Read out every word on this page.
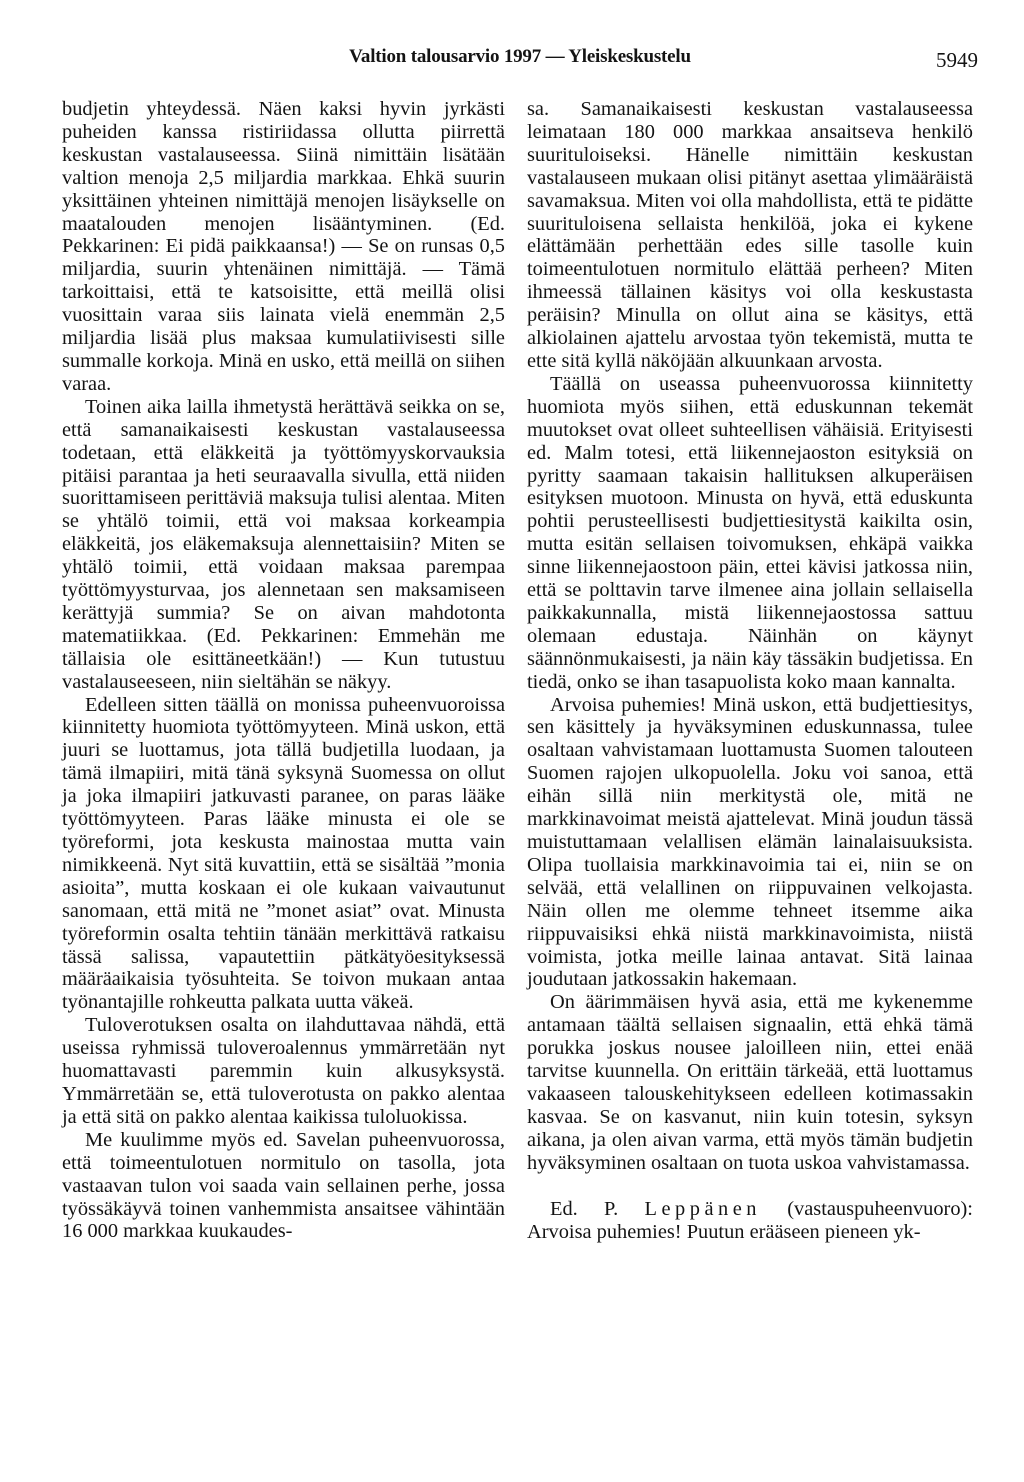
Valtion talousarvio 1997 — Yleiskeskustelu	5949

budjetin yhteydessä. Näen kaksi hyvin jyrkästi puheiden kanssa ristiriidassa ollutta piirrettä keskustan vastalauseessa. Siinä nimittäin lisätään valtion menoja 2,5 miljardia markkaa. Ehkä suurin yksittäinen yhteinen nimittäjä menojen lisäykselle on maatalouden menojen lisääntyminen. (Ed. Pekkarinen: Ei pidä paikkaansa!) — Se on runsas 0,5 miljardia, suurin yhtenäinen nimittäjä. — Tämä tarkoittaisi, että te katsoisitte, että meillä olisi vuosittain varaa siis lainata vielä enemmän 2,5 miljardia lisää plus maksaa kumulatiivisesti sille summalle korkoja. Minä en usko, että meillä on siihen varaa.

Toinen aika lailla ihmetystä herättävä seikka on se, että samanaikaisesti keskustan vastalauseessa todetaan, että eläkkeitä ja työttömyyskorvauksia pitäisi parantaa ja heti seuraavalla sivulla, että niiden suorittamiseen perittäviä maksuja tulisi alentaa. Miten se yhtälö toimii, että voi maksaa korkeampia eläkkeitä, jos eläkemaksuja alennettaisiin? Miten se yhtälö toimii, että voidaan maksaa parempaa työttömyysturvaa, jos alennetaan sen maksamiseen kerättyjä summia? Se on aivan mahdotonta matematiikkaa. (Ed. Pekkarinen: Emmehän me tällaisia ole esittäneetkään!) — Kun tutustuu vastalauseeseen, niin sieltähän se näkyy.

Edelleen sitten täällä on monissa puheenvuoroissa kiinnitetty huomiota työttömyyteen. Minä uskon, että juuri se luottamus, jota tällä budjetilla luodaan, ja tämä ilmapiiri, mitä tänä syksynä Suomessa on ollut ja joka ilmapiiri jatkuvasti paranee, on paras lääke työttömyyteen. Paras lääke minusta ei ole se työreformi, jota keskusta mainostaa mutta vain nimikkeenä. Nyt sitä kuvattiin, että se sisältää ”monia asioita”, mutta koskaan ei ole kukaan vaivautunut sanomaan, että mitä ne ”monet asiat” ovat. Minusta työreformin osalta tehtiin tänään merkittävä ratkaisu tässä salissa, vapautettiin pätkätyöesityksessä määräaikaisia työsuhteita. Se toivon mukaan antaa työnantajille rohkeutta palkata uutta väkeä.

Tuloverotuksen osalta on ilahduttavaa nähdä, että useissa ryhmissä tuloveroalennus ymmärretään nyt huomattavasti paremmin kuin alkusyksystä. Ymmärretään se, että tuloverotusta on pakko alentaa ja että sitä on pakko alentaa kaikissa tuloluokissa.

Me kuulimme myös ed. Savelan puheenvuorossa, että toimeentulotuen normitulo on tasolla, jota vastaavan tulon voi saada vain sellainen perhe, jossa työssäkäyvä toinen vanhemmista ansaitsee vähintään 16 000 markkaa kuukaudes-

sa. Samanaikaisesti keskustan vastalauseessa leimataan 180 000 markkaa ansaitseva henkilö suurituloiseksi. Hänelle nimittäin keskustan vastalauseen mukaan olisi pitänyt asettaa ylimääräistä savamaksua. Miten voi olla mahdollista, että te pidätte suurituloisena sellaista henkilöä, joka ei kykene elättämään perhettään edes sille tasolle kuin toimeentulotuen normitulo elättää perheen? Miten ihmeessä tällainen käsitys voi olla keskustasta peräisin? Minulla on ollut aina se käsitys, että alkiolainen ajattelu arvostaa työn tekemistä, mutta te ette sitä kyllä näköjään alkuunkaan arvosta.

Täällä on useassa puheenvuorossa kiinnitetty huomiota myös siihen, että eduskunnan tekemät muutokset ovat olleet suhteellisen vähäisiä. Erityisesti ed. Malm totesi, että liikennejaoston esityksiä on pyritty saamaan takaisin hallituksen alkuperäisen esityksen muotoon. Minusta on hyvä, että eduskunta pohtii perusteellisesti budjettiesitystä kaikilta osin, mutta esitän sellaisen toivomuksen, ehkäpä vaikka sinne liikennejaostoon päin, ettei kävisi jatkossa niin, että se polttavin tarve ilmenee aina jollain sellaisella paikkakunnalla, mistä liikennejaostossa sattuu olemaan edustaja. Näinhän on käynyt säännönmukaisesti, ja näin käy tässäkin budjetissa. En tiedä, onko se ihan tasapuolista koko maan kannalta.

Arvoisa puhemies! Minä uskon, että budjettiesitys, sen käsittely ja hyväksyminen eduskunnassa, tulee osaltaan vahvistamaan luottamusta Suomen talouteen Suomen rajojen ulkopuolella. Joku voi sanoa, että eihän sillä niin merkitystä ole, mitä ne markkinavoimat meistä ajattelevat. Minä joudun tässä muistuttamaan velallisen elämän lainalaisuuksista. Olipa tuollaisia markkinavoimia tai ei, niin se on selvää, että velallinen on riippuvainen velkojasta. Näin ollen me olemme tehneet itsemme aika riippuvaisiksi ehkä niistä markkinavoimista, niistä voimista, jotka meille lainaa antavat. Sitä lainaa joudutaan jatkossakin hakemaan.

On äärimmäisen hyvä asia, että me kykenemme antamaan täältä sellaisen signaalin, että ehkä tämä porukka joskus nousee jaloilleen niin, ettei enää tarvitse kuunnella. On erittäin tärkeää, että luottamus vakaaseen talouskehitykseen edelleen kotimassakin kasvaa. Se on kasvanut, niin kuin totesin, syksyn aikana, ja olen aivan varma, että myös tämän budjetin hyväksyminen osaltaan on tuota uskoa vahvistamassa.

Ed. P. Leppänen (vastauspuheenvuoro): Arvoisa puhemies! Puutun erääseen pieneen yk-
